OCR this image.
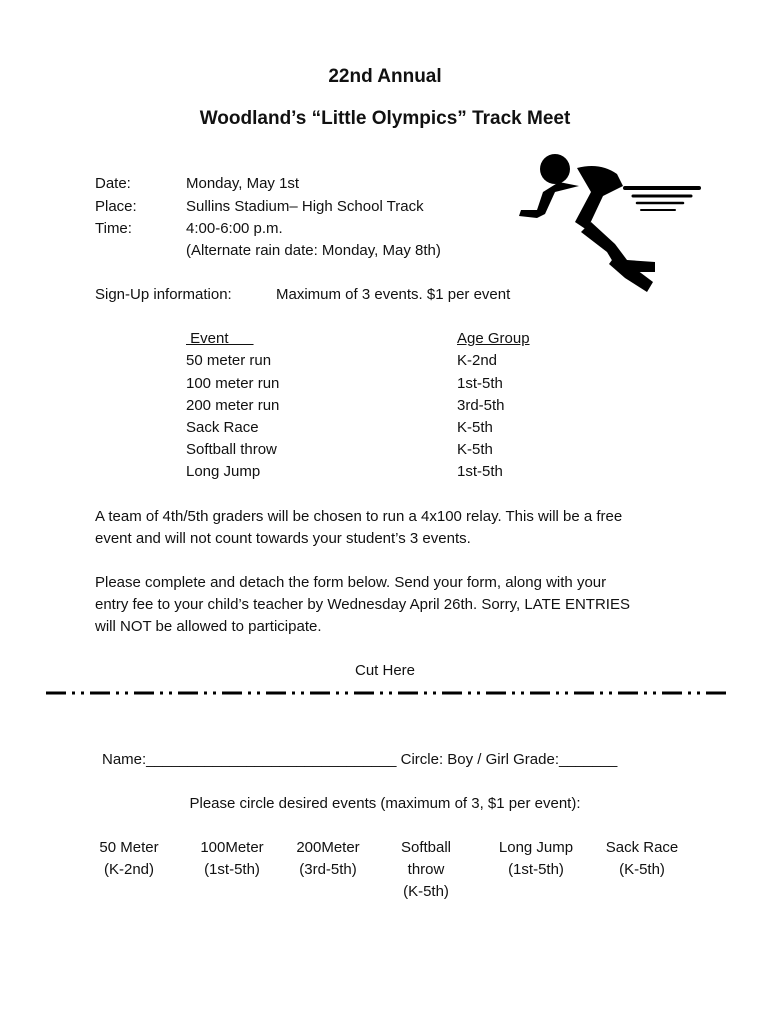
22nd Annual
Woodland’s “Little Olympics” Track Meet
Date:	Monday, May 1st
Place:	Sullins Stadium– High School Track
Time:	4:00-6:00 p.m.
(Alternate rain date: Monday, May 8th)
Sign-Up information:	Maximum of 3 events. $1 per event
Event	Age Group
50 meter run	K-2nd
100 meter run	1st-5th
200 meter run	3rd-5th
Sack Race	K-5th
Softball throw	K-5th
Long Jump	1st-5th
A team of 4th/5th graders will be chosen to run a 4x100 relay. This will be a free
event and will not count towards your student’s 3 events.
Please complete and detach the form below. Send your form, along with your
entry fee to your child’s teacher by Wednesday April 26th. Sorry, LATE ENTRIES
will NOT be allowed to participate.
Cut Here
Name:______________________________ Circle: Boy / Girl Grade:_______
Please circle desired events (maximum of 3, $1 per event):
50 Meter
(K-2nd)
100Meter
(1st-5th)
200Meter
(3rd-5th)
Softball
throw
(K-5th)
Long Jump
(1st-5th)
Sack Race
(K-5th)
